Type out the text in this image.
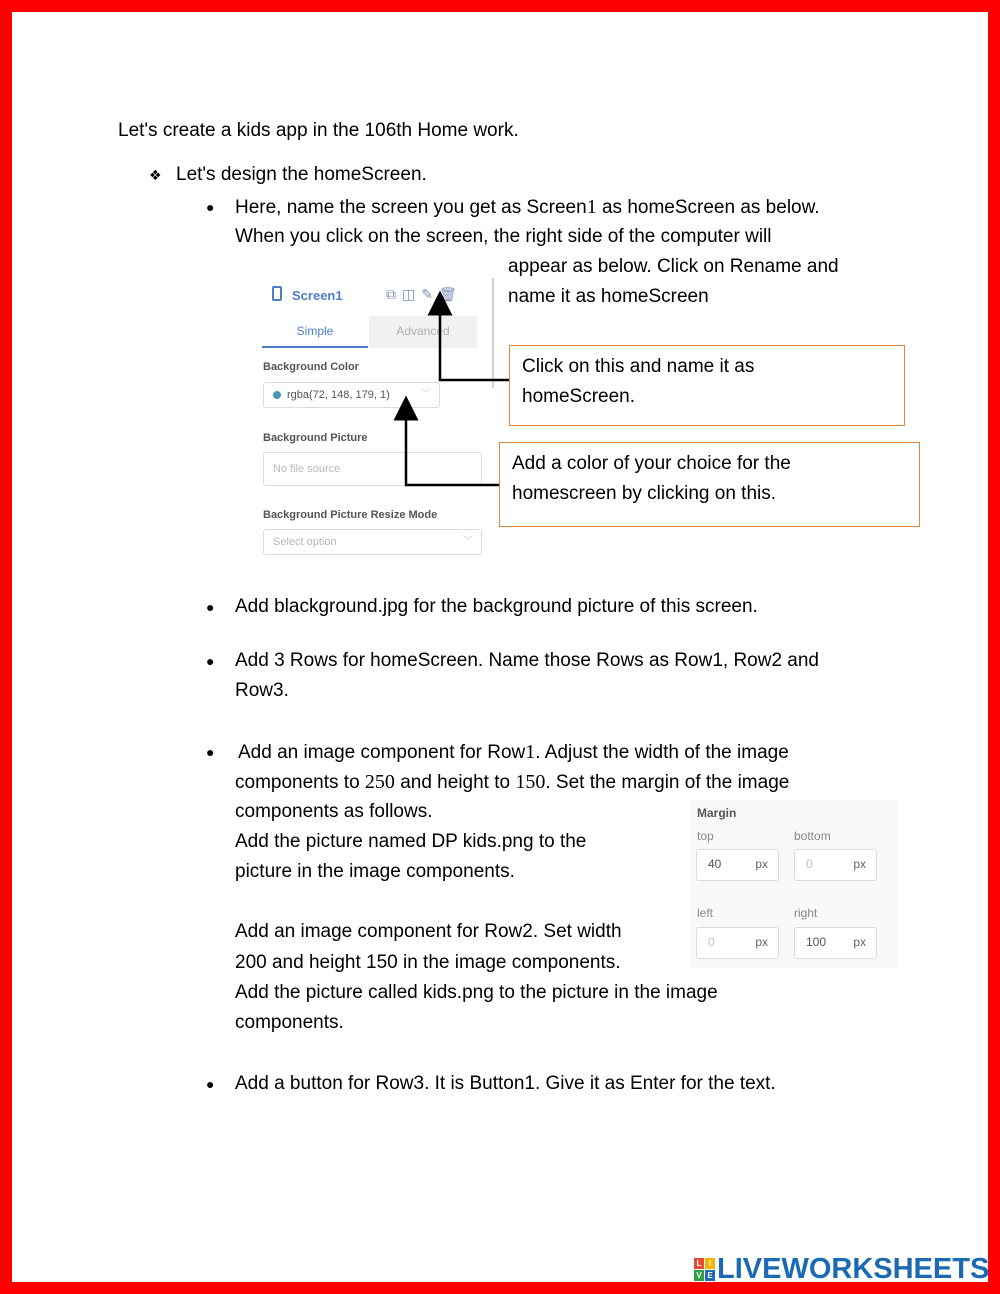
Let's create a kids app in the 106th Home work.
❖ Let's design the homeScreen.
● Here, name the screen you get as Screen1 as homeScreen as below.
When you click on the screen, the right side of the computer will
appear as below. Click on Rename and
name it as homeScreen
Screen1	⧉◫✎🗑
Simple	Advanced
Background Color
rgba(72, 148, 179, 1)	﹀
Background Picture
No file source
Background Picture Resize Mode
Select option	﹀
Click on this and name it as
homeScreen.
Add a color of your choice for the
homescreen by clicking on this.
● Add blackground.jpg for the background picture of this screen.
● Add 3 Rows for homeScreen. Name those Rows as Row1, Row2 and
Row3.
● Add an image component for Row1. Adjust the width of the image
components to 250 and height to 150. Set the margin of the image
components as follows.
Add the picture named DP kids.png to the
picture in the image components.
Add an image component for Row2. Set width
200 and height 150 in the image components.
Add the picture called kids.png to the picture in the image
components.
Margin
top	bottom
40	px	0	px
left	right
0	px	100 px
● Add a button for Row3. It is Button1. Give it as Enter for the text.
L I
V E LIVEWORKSHEETS
